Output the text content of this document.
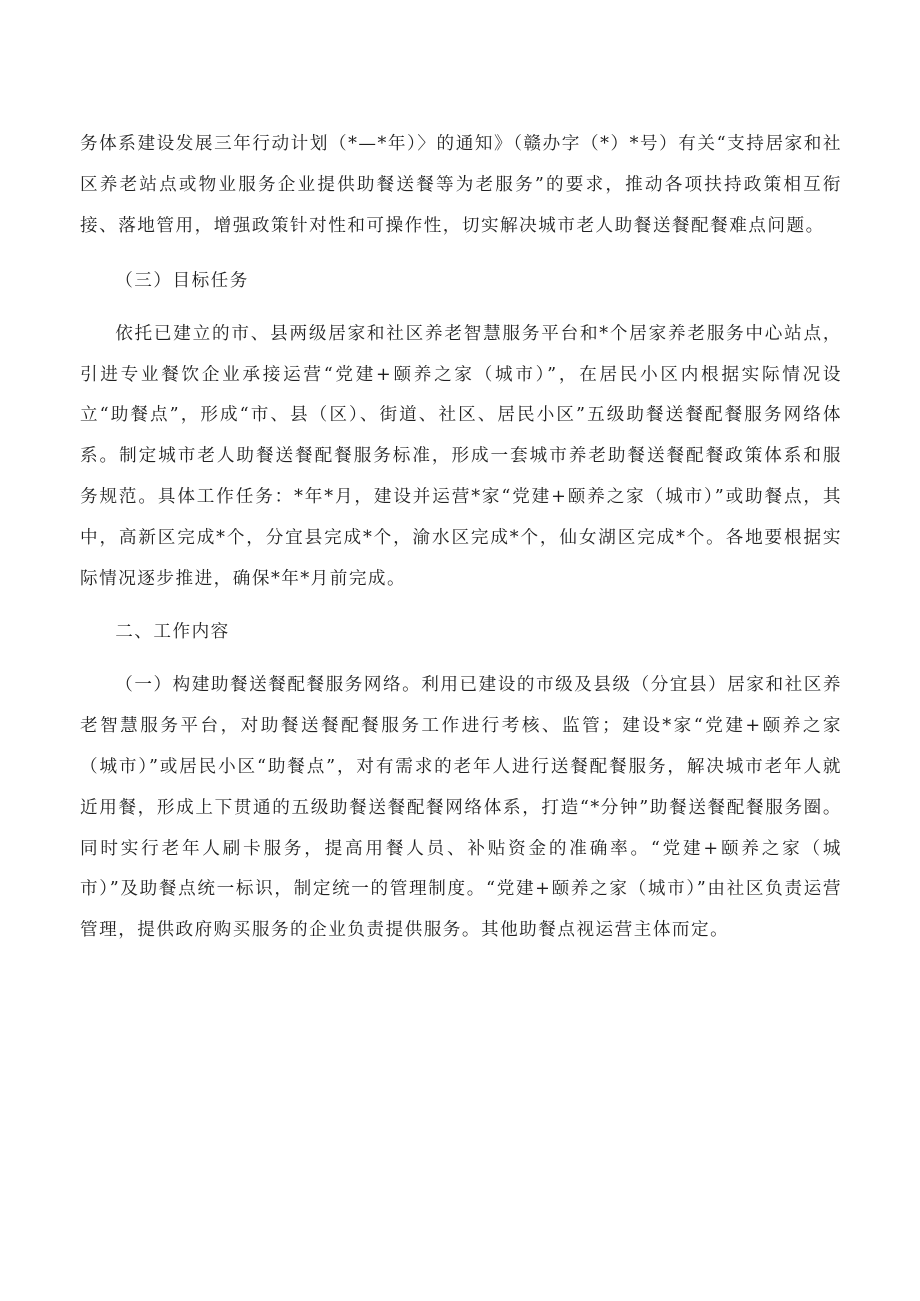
务体系建设发展三年行动计划（*—*年）〉的通知》（赣办字（*）*号）有关“支持居家和社区养老站点或物业服务企业提供助餐送餐等为老服务”的要求，推动各项扶持政策相互衔接、落地管用，增强政策针对性和可操作性，切实解决城市老人助餐送餐配餐难点问题。

（三）目标任务

依托已建立的市、县两级居家和社区养老智慧服务平台和*个居家养老服务中心站点，引进专业餐饮企业承接运营“党建+颐养之家（城市）”，在居民小区内根据实际情况设立“助餐点”，形成“市、县（区）、街道、社区、居民小区”五级助餐送餐配餐服务网络体系。制定城市老人助餐送餐配餐服务标准，形成一套城市养老助餐送餐配餐政策体系和服务规范。具体工作任务：*年*月，建设并运营*家“党建+颐养之家（城市）”或助餐点，其中，高新区完成*个，分宜县完成*个，渝水区完成*个，仙女湖区完成*个。各地要根据实际情况逐步推进，确保*年*月前完成。

二、工作内容

（一）构建助餐送餐配餐服务网络。利用已建设的市级及县级（分宜县）居家和社区养老智慧服务平台，对助餐送餐配餐服务工作进行考核、监管；建设*家“党建+颐养之家（城市）”或居民小区“助餐点”，对有需求的老年人进行送餐配餐服务，解决城市老年人就近用餐，形成上下贯通的五级助餐送餐配餐网络体系，打造“*分钟”助餐送餐配餐服务圈。同时实行老年人刷卡服务，提高用餐人员、补贴资金的准确率。“党建+颐养之家（城市）”及助餐点统一标识，制定统一的管理制度。“党建+颐养之家（城市）”由社区负责运营管理，提供政府购买服务的企业负责提供服务。其他助餐点视运营主体而定。
